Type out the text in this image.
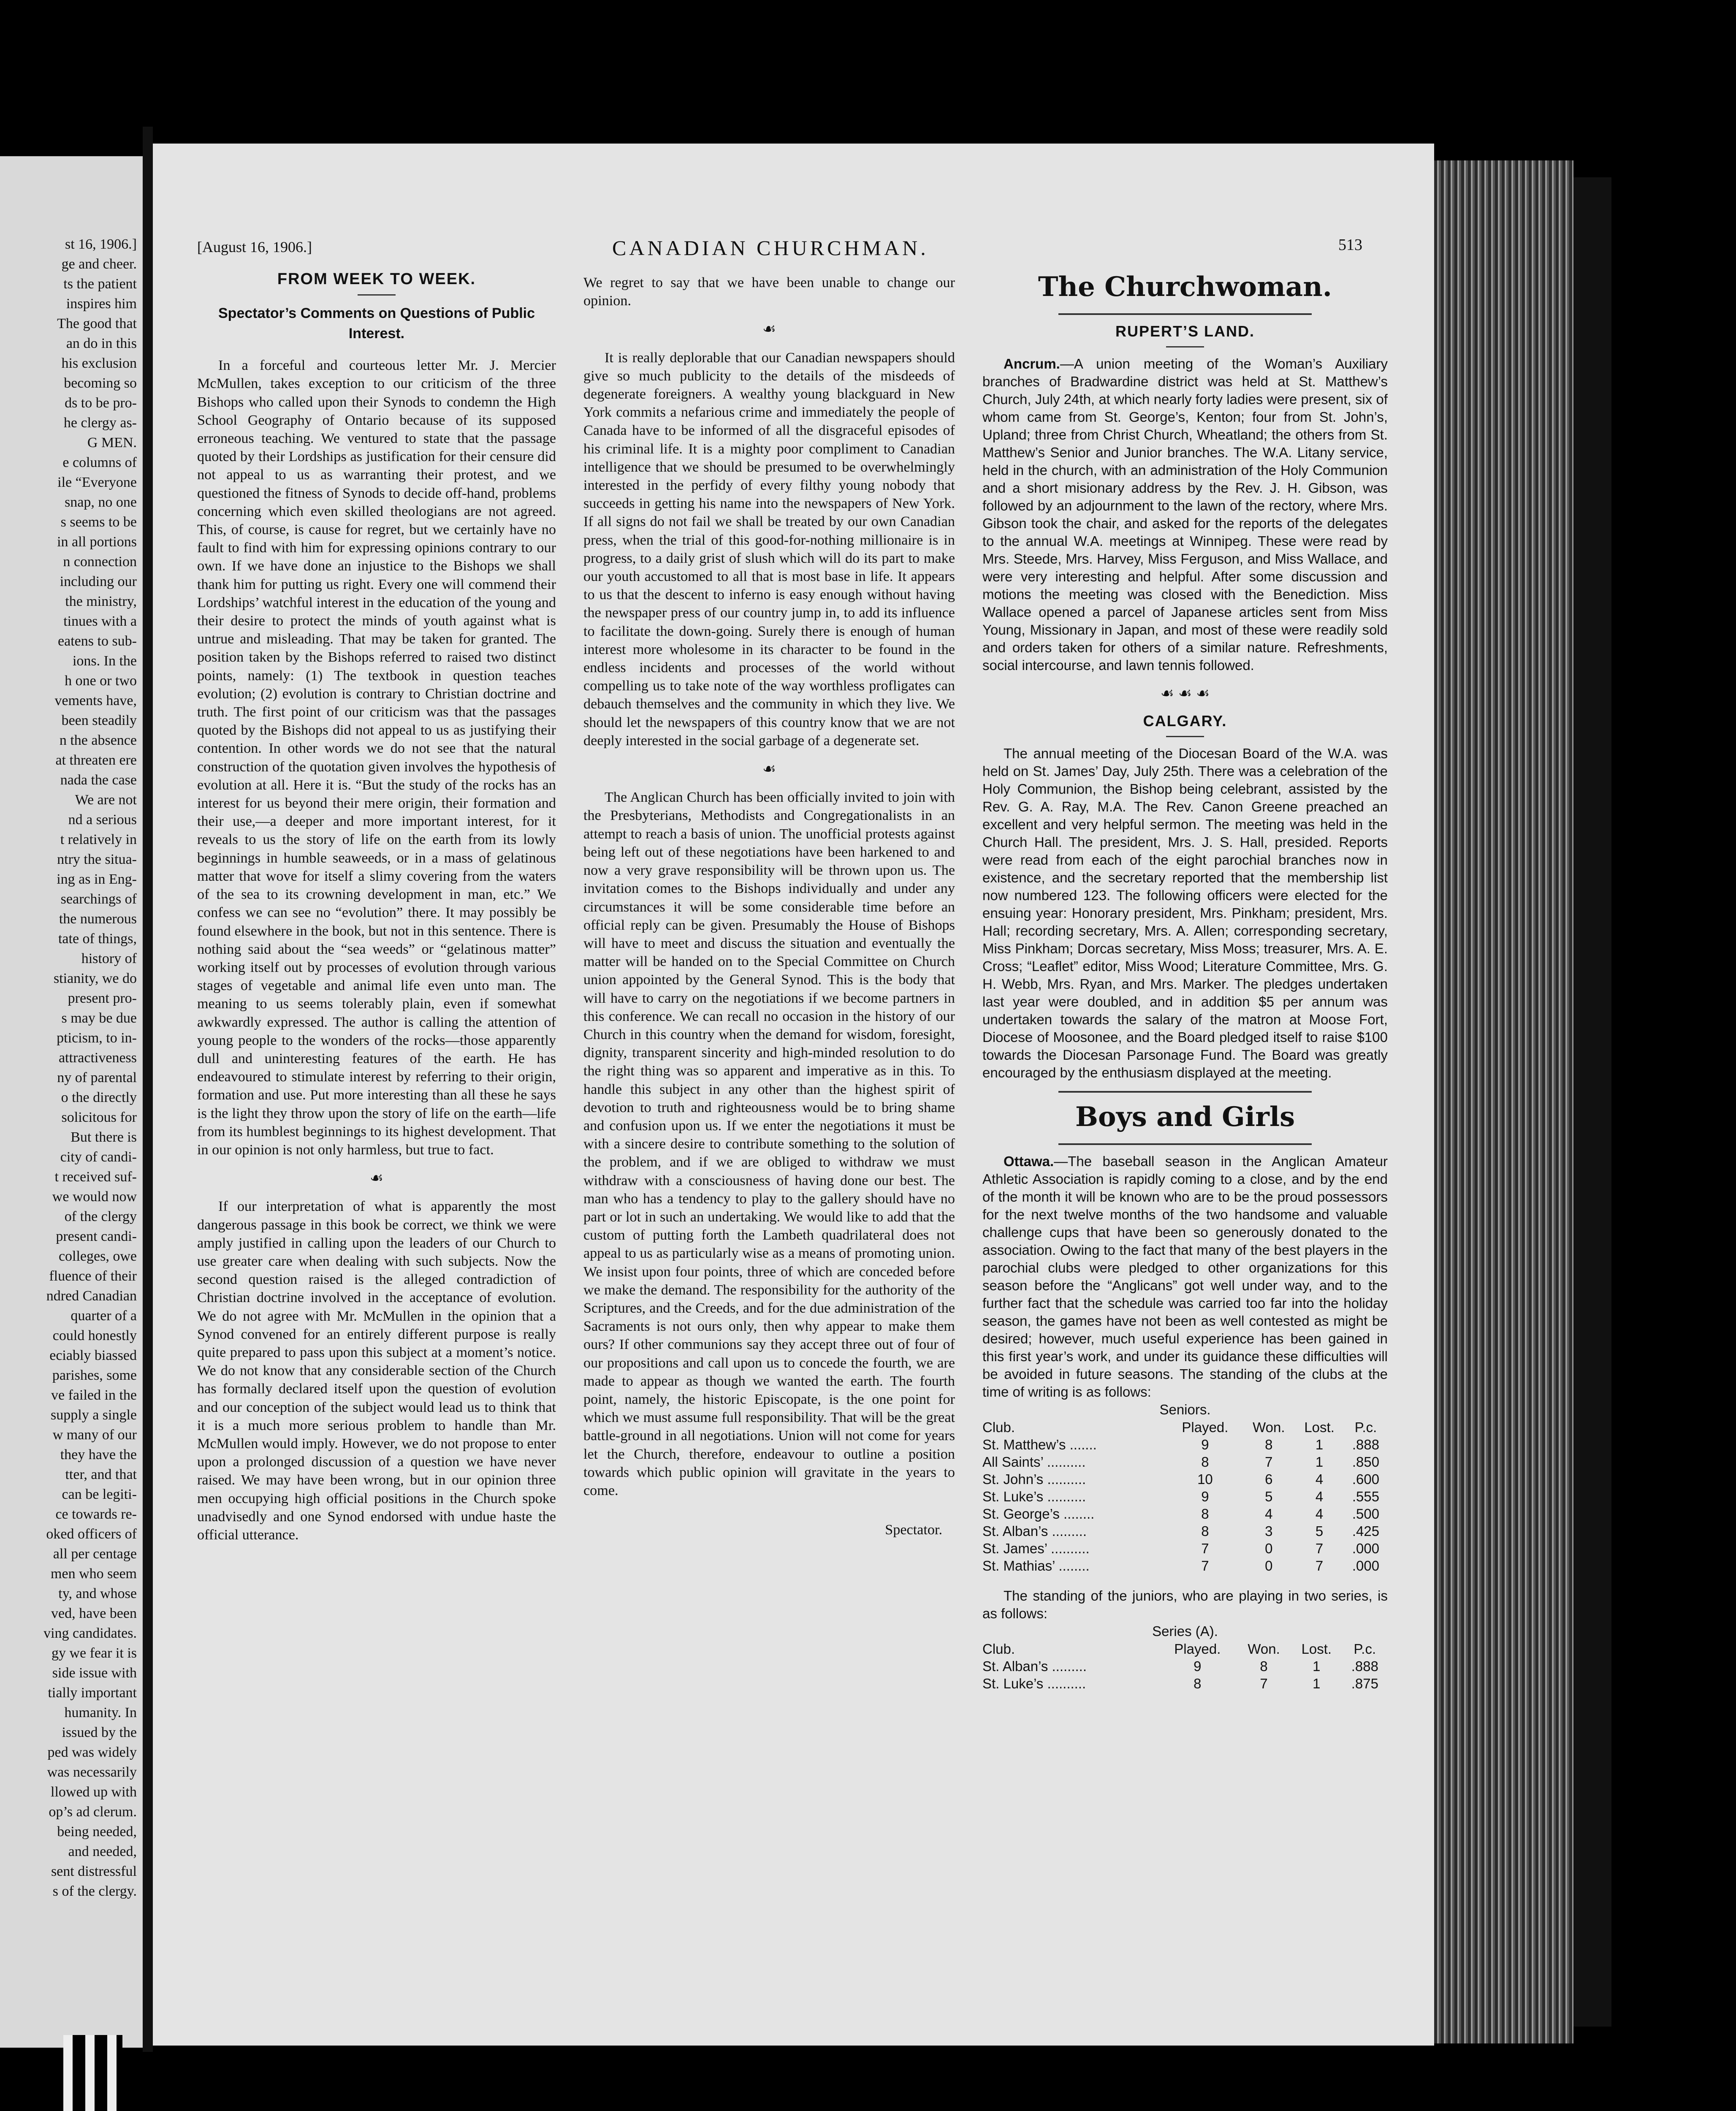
st 16, 1906.]
ge and cheer.
ts the patient
inspires him
The good that
an do in this
his exclusion
becoming so
ds to be pro-
he clergy as-
G MEN.
e columns of
ile “Everyone
snap, no one
s seems to be
in all portions
n connection
including our
the ministry,
tinues with a
eatens to sub-
ions. In the
h one or two
vements have,
been steadily
n the absence
at threaten ere
nada the case
We are not
nd a serious
t relatively in
ntry the situa-
ing as in Eng-
searchings of
the numerous
tate of things,
history of
stianity, we do
present pro-
s may be due
pticism, to in-
attractiveness
ny of parental
o the directly
solicitous for
But there is
city of candi-
t received suf-
we would now
of the clergy
present candi-
colleges, owe
fluence of their
ndred Canadian
quarter of a
could honestly
eciably biassed
parishes, some
ve failed in the
supply a single
w many of our
they have the
tter, and that
can be legiti-
ce towards re-
oked officers of
all per centage
men who seem
ty, and whose
ved, have been
ving candidates.
gy we fear it is
side issue with
tially important
humanity. In
issued by the
ped was widely
was necessarily
llowed up with
op’s ad clerum.
being needed,
and needed,
sent distressful
s of the clergy.
[August 16, 1906.]	CANADIAN CHURCHMAN.	513
FROM WEEK TO WEEK.
Spectator’s Comments on Questions of Public Interest.

In a forceful and courteous letter Mr. J. Mercier McMullen, takes exception to our criticism of the three Bishops who called upon their Synods to condemn the High School Geography of Ontario because of its supposed erroneous teaching. We ventured to state that the passage quoted by their Lordships as justification for their censure did not appeal to us as warranting their protest, and we questioned the fitness of Synods to decide off-hand, problems concerning which even skilled theologians are not agreed. This, of course, is cause for regret, but we certainly have no fault to find with him for expressing opinions contrary to our own. If we have done an injustice to the Bishops we shall thank him for putting us right. Every one will commend their Lordships’ watchful interest in the education of the young and their desire to protect the minds of youth against what is untrue and misleading. That may be taken for granted. The position taken by the Bishops referred to raised two distinct points, namely: (1) The textbook in question teaches evolution; (2) evolution is contrary to Christian doctrine and truth. The first point of our criticism was that the passages quoted by the Bishops did not appeal to us as justifying their contention. In other words we do not see that the natural construction of the quotation given involves the hypothesis of evolution at all. Here it is. “But the study of the rocks has an interest for us beyond their mere origin, their formation and their use,—a deeper and more important interest, for it reveals to us the story of life on the earth from its lowly beginnings in humble seaweeds, or in a mass of gelatinous matter that wove for itself a slimy covering from the waters of the sea to its crowning development in man, etc.” We confess we can see no “evolution” there. It may possibly be found elsewhere in the book, but not in this sentence. There is nothing said about the “sea weeds” or “gelatinous matter” working itself out by processes of evolution through various stages of vegetable and animal life even unto man. The meaning to us seems tolerably plain, even if somewhat awkwardly expressed. The author is calling the attention of young people to the wonders of the rocks—those apparently dull and uninteresting features of the earth. He has endeavoured to stimulate interest by referring to their origin, formation and use. Put more interesting than all these he says is the light they throw upon the story of life on the earth—life from its humblest beginnings to its highest development. That in our opinion is not only harmless, but true to fact.

☙

If our interpretation of what is apparently the most dangerous passage in this book be correct, we think we were amply justified in calling upon the leaders of our Church to use greater care when dealing with such subjects. Now the second question raised is the alleged contradiction of Christian doctrine involved in the acceptance of evolution. We do not agree with Mr. McMullen in the opinion that a Synod convened for an entirely different purpose is really quite prepared to pass upon this subject at a moment’s notice. We do not know that any considerable section of the Church has formally declared itself upon the question of evolution and our conception of the subject would lead us to think that it is a much more serious problem to handle than Mr. McMullen would imply. However, we do not propose to enter upon a prolonged discussion of a question we have never raised. We may have been wrong, but in our opinion three men occupying high official positions in the Church spoke unadvisedly and one Synod endorsed with undue haste the official utterance.

We regret to say that we have been unable to change our opinion.

☙

It is really deplorable that our Canadian newspapers should give so much publicity to the details of the misdeeds of degenerate foreigners. A wealthy young blackguard in New York commits a nefarious crime and immediately the people of Canada have to be informed of all the disgraceful episodes of his criminal life. It is a mighty poor compliment to Canadian intelligence that we should be presumed to be overwhelmingly interested in the perfidy of every filthy young nobody that succeeds in getting his name into the newspapers of New York. If all signs do not fail we shall be treated by our own Canadian press, when the trial of this good-for-nothing millionaire is in progress, to a daily grist of slush which will do its part to make our youth accustomed to all that is most base in life. It appears to us that the descent to inferno is easy enough without having the newspaper press of our country jump in, to add its influence to facilitate the down-going. Surely there is enough of human interest more wholesome in its character to be found in the endless incidents and processes of the world without compelling us to take note of the way worthless profligates can debauch themselves and the community in which they live. We should let the newspapers of this country know that we are not deeply interested in the social garbage of a degenerate set.

☙

The Anglican Church has been officially invited to join with the Presbyterians, Methodists and Congregationalists in an attempt to reach a basis of union. The unofficial protests against being left out of these negotiations have been harkened to and now a very grave responsibility will be thrown upon us. The invitation comes to the Bishops individually and under any circumstances it will be some considerable time before an official reply can be given. Presumably the House of Bishops will have to meet and discuss the situation and eventually the matter will be handed on to the Special Committee on Church union appointed by the General Synod. This is the body that will have to carry on the negotiations if we become partners in this conference. We can recall no occasion in the history of our Church in this country when the demand for wisdom, foresight, dignity, transparent sincerity and high-minded resolution to do the right thing was so apparent and imperative as in this. To handle this subject in any other than the highest spirit of devotion to truth and righteousness would be to bring shame and confusion upon us. If we enter the negotiations it must be with a sincere desire to contribute something to the solution of the problem, and if we are obliged to withdraw we must withdraw with a consciousness of having done our best. The man who has a tendency to play to the gallery should have no part or lot in such an undertaking. We would like to add that the custom of putting forth the Lambeth quadrilateral does not appeal to us as particularly wise as a means of promoting union. We insist upon four points, three of which are conceded before we make the demand. The responsibility for the authority of the Scriptures, and the Creeds, and for the due administration of the Sacraments is not ours only, then why appear to make them ours? If other communions say they accept three out of four of our propositions and call upon us to concede the fourth, we are made to appear as though we wanted the earth. The fourth point, namely, the historic Episcopate, is the one point for which we must assume full responsibility. That will be the great battle-ground in all negotiations. Union will not come for years let the Church, therefore, endeavour to outline a position towards which public opinion will gravitate in the years to come.

Spectator.

The Churchwoman.
RUPERT’S LAND.

Ancrum.—A union meeting of the Woman’s Auxiliary branches of Bradwardine district was held at St. Matthew’s Church, July 24th, at which nearly forty ladies were present, six of whom came from St. George’s, Kenton; four from St. John’s, Upland; three from Christ Church, Wheatland; the others from St. Matthew’s Senior and Junior branches. The W.A. Litany service, held in the church, with an administration of the Holy Communion and a short misionary address by the Rev. J. H. Gibson, was followed by an adjournment to the lawn of the rectory, where Mrs. Gibson took the chair, and asked for the reports of the delegates to the annual W.A. meetings at Winnipeg. These were read by Mrs. Steede, Mrs. Harvey, Miss Ferguson, and Miss Wallace, and were very interesting and helpful. After some discussion and motions the meeting was closed with the Benediction. Miss Wallace opened a parcel of Japanese articles sent from Miss Young, Missionary in Japan, and most of these were readily sold and orders taken for others of a similar nature. Refreshments, social intercourse, and lawn tennis followed.

☙ ☙ ☙
CALGARY.

The annual meeting of the Diocesan Board of the W.A. was held on St. James’ Day, July 25th. There was a celebration of the Holy Communion, the Bishop being celebrant, assisted by the Rev. G. A. Ray, M.A. The Rev. Canon Greene preached an excellent and very helpful sermon. The meeting was held in the Church Hall. The president, Mrs. J. S. Hall, presided. Reports were read from each of the eight parochial branches now in existence, and the secretary reported that the membership list now numbered 123. The following officers were elected for the ensuing year: Honorary president, Mrs. Pinkham; president, Mrs. Hall; recording secretary, Mrs. A. Allen; corresponding secretary, Miss Pinkham; Dorcas secretary, Miss Moss; treasurer, Mrs. A. E. Cross; “Leaflet” editor, Miss Wood; Literature Committee, Mrs. G. H. Webb, Mrs. Ryan, and Mrs. Marker. The pledges undertaken last year were doubled, and in addition $5 per annum was undertaken towards the salary of the matron at Moose Fort, Diocese of Moosonee, and the Board pledged itself to raise $100 towards the Diocesan Parsonage Fund. The Board was greatly encouraged by the enthusiasm displayed at the meeting.

Boys and Girls

Ottawa.—The baseball season in the Anglican Amateur Athletic Association is rapidly coming to a close, and by the end of the month it will be known who are to be the proud possessors for the next twelve months of the two handsome and valuable challenge cups that have been so generously donated to the association. Owing to the fact that many of the best players in the parochial clubs were pledged to other organizations for this season before the “Anglicans” got well under way, and to the further fact that the schedule was carried too far into the holiday season, the games have not been as well contested as might be desired; however, much useful experience has been gained in this first year’s work, and under its guidance these difficulties will be avoided in future seasons. The standing of the clubs at the time of writing is as follows:

Seniors.
Club.	Played.	Won.	Lost.	P.c.
St. Matthew’s .......	9	8	1	.888
All Saints’ ..........	8	7	1	.850
St. John’s ..........	10	6	4	.600
St. Luke’s ..........	9	5	4	.555
St. George’s ........	8	4	4	.500
St. Alban’s .........	8	3	5	.425
St. James’ ..........	7	0	7	.000
St. Mathias’ ........	7	0	7	.000

The standing of the juniors, who are playing in two series, is as follows:

Series (A).
Club.	Played.	Won.	Lost.	P.c.
St. Alban’s .........	9	8	1	.888
St. Luke’s ..........	8	7	1	.875
